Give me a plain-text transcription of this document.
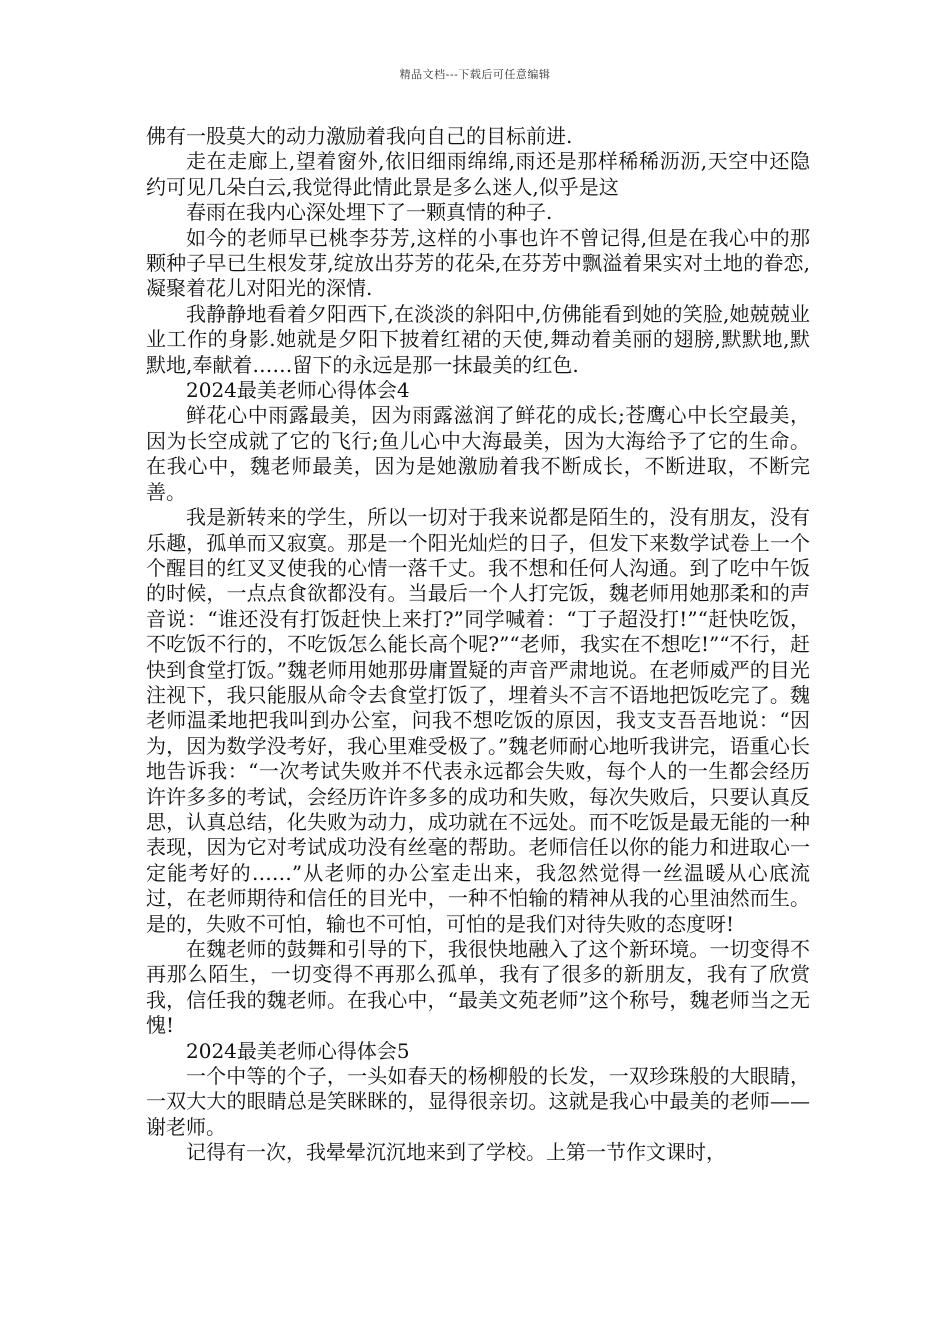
精品文档---下载后可任意编辑

佛有一股莫大的动力激励着我向自己的目标前进.

走在走廊上,望着窗外,依旧细雨绵绵,雨还是那样稀稀沥沥,天空中还隐约可见几朵白云,我觉得此情此景是多么迷人,似乎是这

春雨在我内心深处埋下了一颗真情的种子.

如今的老师早已桃李芬芳,这样的小事也许不曾记得,但是在我心中的那颗种子早已生根发芽,绽放出芬芳的花朵,在芬芳中飘溢着果实对土地的眷恋,凝聚着花儿对阳光的深情.

我静静地看着夕阳西下,在淡淡的斜阳中,仿佛能看到她的笑脸,她兢兢业业工作的身影.她就是夕阳下披着红裙的天使,舞动着美丽的翅膀,默默地,默默地,奉献着……留下的永远是那一抹最美的红色.

2024最美老师心得体会4

鲜花心中雨露最美，因为雨露滋润了鲜花的成长;苍鹰心中长空最美，因为长空成就了它的飞行;鱼儿心中大海最美，因为大海给予了它的生命。在我心中，魏老师最美，因为是她激励着我不断成长，不断进取，不断完善。

我是新转来的学生，所以一切对于我来说都是陌生的，没有朋友，没有乐趣，孤单而又寂寞。那是一个阳光灿烂的日子，但发下来数学试卷上一个个醒目的红叉叉使我的心情一落千丈。我不想和任何人沟通。到了吃中午饭的时候，一点点食欲都没有。当最后一个人打完饭，魏老师用她那柔和的声音说：“谁还没有打饭赶快上来打?”同学喊着：“丁子超没打!”“赶快吃饭，不吃饭不行的，不吃饭怎么能长高个呢?”“老师，我实在不想吃!”“不行，赶快到食堂打饭。”魏老师用她那毋庸置疑的声音严肃地说。在老师威严的目光注视下，我只能服从命令去食堂打饭了，埋着头不言不语地把饭吃完了。魏老师温柔地把我叫到办公室，问我不想吃饭的原因，我支支吾吾地说：“因为，因为数学没考好，我心里难受极了。”魏老师耐心地听我讲完，语重心长地告诉我：“一次考试失败并不代表永远都会失败，每个人的一生都会经历许许多多的考试，会经历许许多多的成功和失败，每次失败后，只要认真反思，认真总结，化失败为动力，成功就在不远处。而不吃饭是最无能的一种表现，因为它对考试成功没有丝毫的帮助。老师信任以你的能力和进取心一定能考好的……”从老师的办公室走出来，我忽然觉得一丝温暖从心底流过，在老师期待和信任的目光中，一种不怕输的精神从我的心里油然而生。是的，失败不可怕，输也不可怕，可怕的是我们对待失败的态度呀!

在魏老师的鼓舞和引导的下，我很快地融入了这个新环境。一切变得不再那么陌生，一切变得不再那么孤单，我有了很多的新朋友，我有了欣赏我，信任我的魏老师。在我心中，“最美文苑老师”这个称号，魏老师当之无愧!

2024最美老师心得体会5

一个中等的个子，一头如春天的杨柳般的长发，一双珍珠般的大眼睛，一双大大的眼睛总是笑眯眯的，显得很亲切。这就是我心中最美的老师——谢老师。

记得有一次，我晕晕沉沉地来到了学校。上第一节作文课时，
